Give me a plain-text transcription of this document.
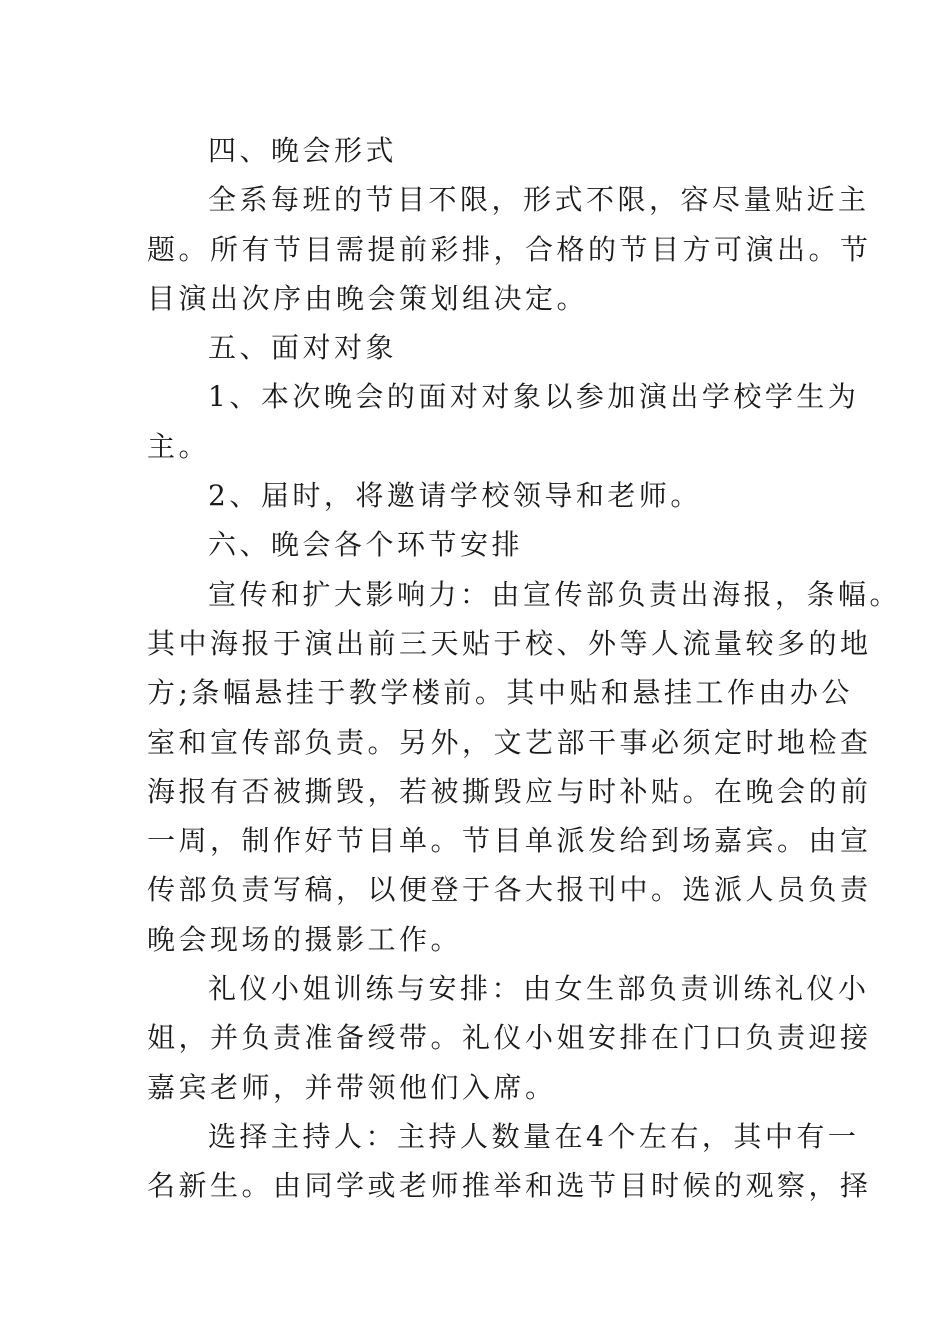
四、晚会形式
全系每班的节目不限，形式不限，容尽量贴近主
题。所有节目需提前彩排，合格的节目方可演出。节
目演出次序由晚会策划组决定。
五、面对对象
1、本次晚会的面对对象以参加演出学校学生为
主。
2、届时，将邀请学校领导和老师。
六、晚会各个环节安排
宣传和扩大影响力：由宣传部负责出海报，条幅。
其中海报于演出前三天贴于校、外等人流量较多的地
方;条幅悬挂于教学楼前。其中贴和悬挂工作由办公
室和宣传部负责。另外，文艺部干事必须定时地检查
海报有否被撕毁，若被撕毁应与时补贴。在晚会的前
一周，制作好节目单。节目单派发给到场嘉宾。由宣
传部负责写稿，以便登于各大报刊中。选派人员负责
晚会现场的摄影工作。
礼仪小姐训练与安排：由女生部负责训练礼仪小
姐，并负责准备绶带。礼仪小姐安排在门口负责迎接
嘉宾老师，并带领他们入席。
选择主持人：主持人数量在4个左右，其中有一
名新生。由同学或老师推举和选节目时候的观察，择
